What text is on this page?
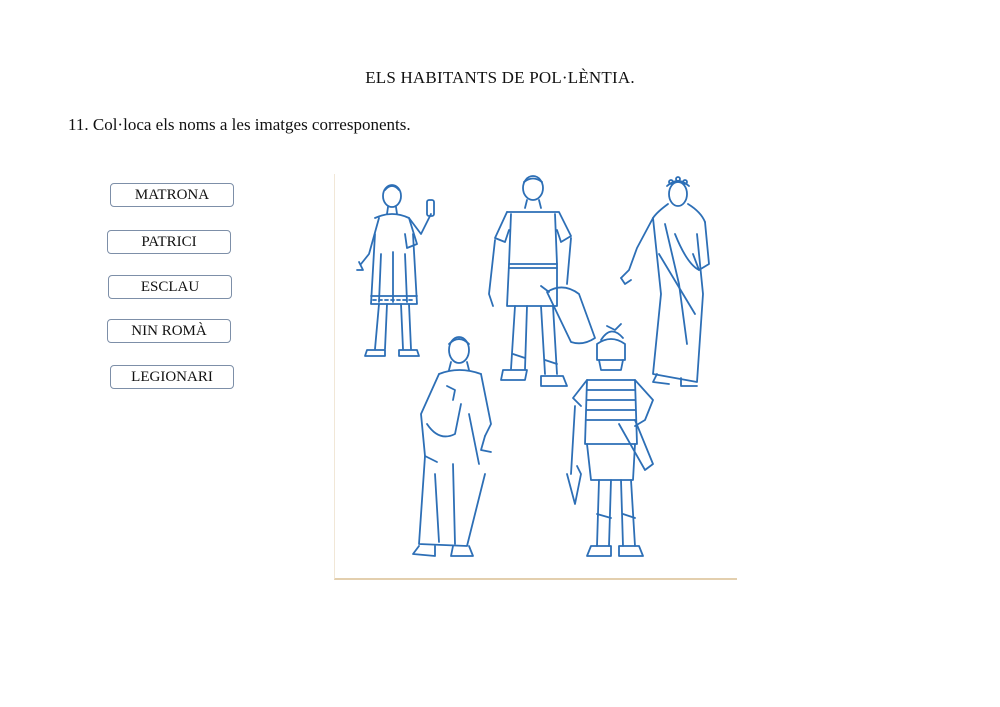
ELS HABITANTS DE POL·LÈNTIA.
11. Col·loca els noms a les imatges corresponents.
MATRONA
PATRICI
ESCLAU
NIN ROMÀ
LEGIONARI
